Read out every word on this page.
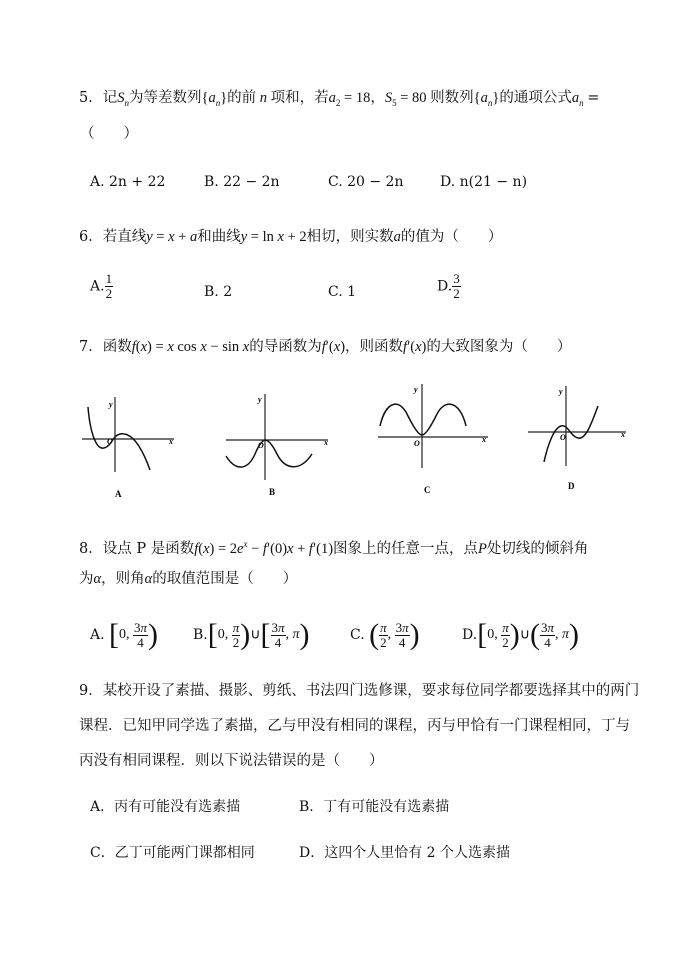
5．记$S_n$为等差数列$\{a_n\}$的前 n 项和，若$a_2 = 18$，$S_5 = 80$ 则数列$\{a_n\}$的通项公式$a_n$ =
（　　）
A. 2n + 22	B. 22 − 2n	C. 20 − 2n	D. n(21 − n)
6．若直线y = x + a和曲线y = ln x + 2相切，则实数a的值为（　　）
A. $\frac{1}{2}$	B. 2	C. 1	D. $\frac{3}{2}$
7．函数f(x) = x cos x − sin x的导函数为f′(x)，则函数f′(x)的大致图象为（　　）
y
x
O
A
y
x
O
B
y
x
O
C
y
x
O
D
8．设点 P 是函数$f(x) = 2e^x - f'(0)x + f'(1)$图象上的任意一点，点P处切线的倾斜角
为α，则角α的取值范围是（　　）
A. [0, $\frac{3\pi}{4}$ ) B.[0, $\frac{\pi}{2}$ )∪[ $\frac{3\pi}{4}$ , π)	C. ( $\frac{\pi}{2}$ , $\frac{3\pi}{4}$ )	D.[0, $\frac{\pi}{2}$ )∪( $\frac{3\pi}{4}$ , π)
9．某校开设了素描、摄影、剪纸、书法四门选修课，要求每位同学都要选择其中的两门
课程．已知甲同学选了素描，乙与甲没有相同的课程，丙与甲恰有一门课程相同，丁与
丙没有相同课程．则以下说法错误的是（　　）
A．丙有可能没有选素描	B．丁有可能没有选素描
C．乙丁可能两门课都相同	D．这四个人里恰有 2 个人选素描
